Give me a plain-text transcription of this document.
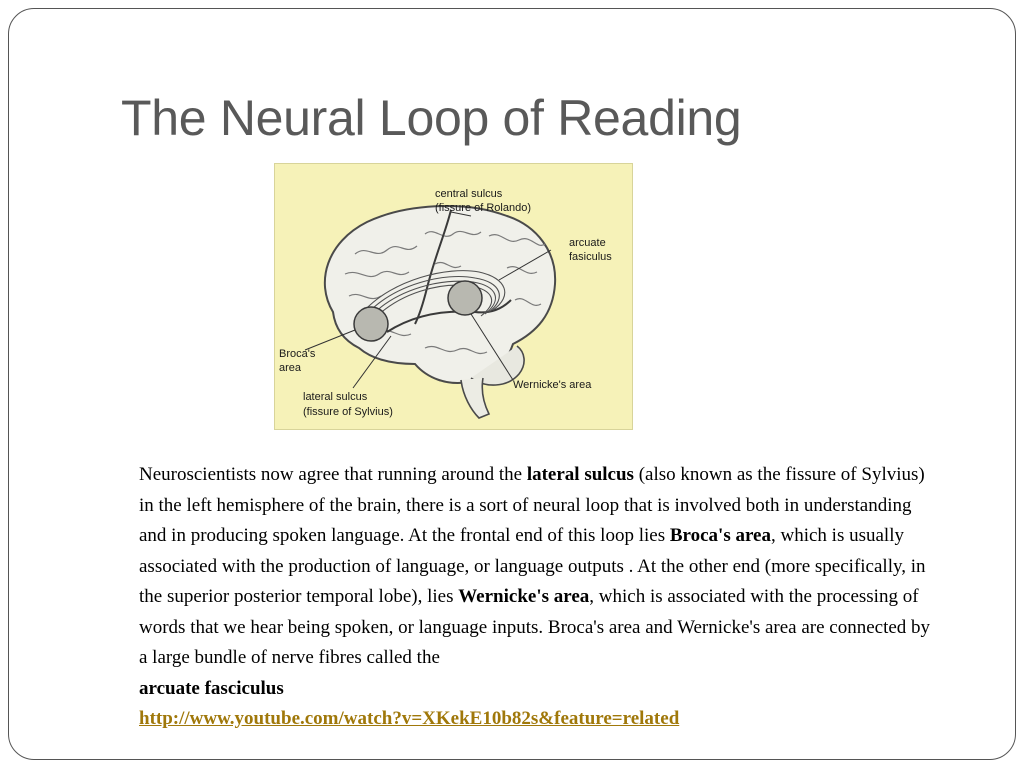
The Neural Loop of Reading
central sulcus
(fissure of Rolando)
arcuate
fasiculus
Broca's
area
lateral sulcus
(fissure of Sylvius)
Wernicke's area

Neuroscientists now agree that running around the lateral sulcus (also known as the fissure of Sylvius) in the left hemisphere of the brain, there is a sort of neural loop that is involved both in understanding and in producing spoken language. At the frontal end of this loop lies Broca's area, which is usually associated with the production of language, or language outputs . At the other end (more specifically, in the superior posterior temporal lobe), lies Wernicke's area, which is associated with the processing of words that we hear being spoken, or language inputs. Broca's area and Wernicke's area are connected by a large bundle of nerve fibres called the
arcuate fasciculus
http://www.youtube.com/watch?v=XKekE10b82s&feature=related
